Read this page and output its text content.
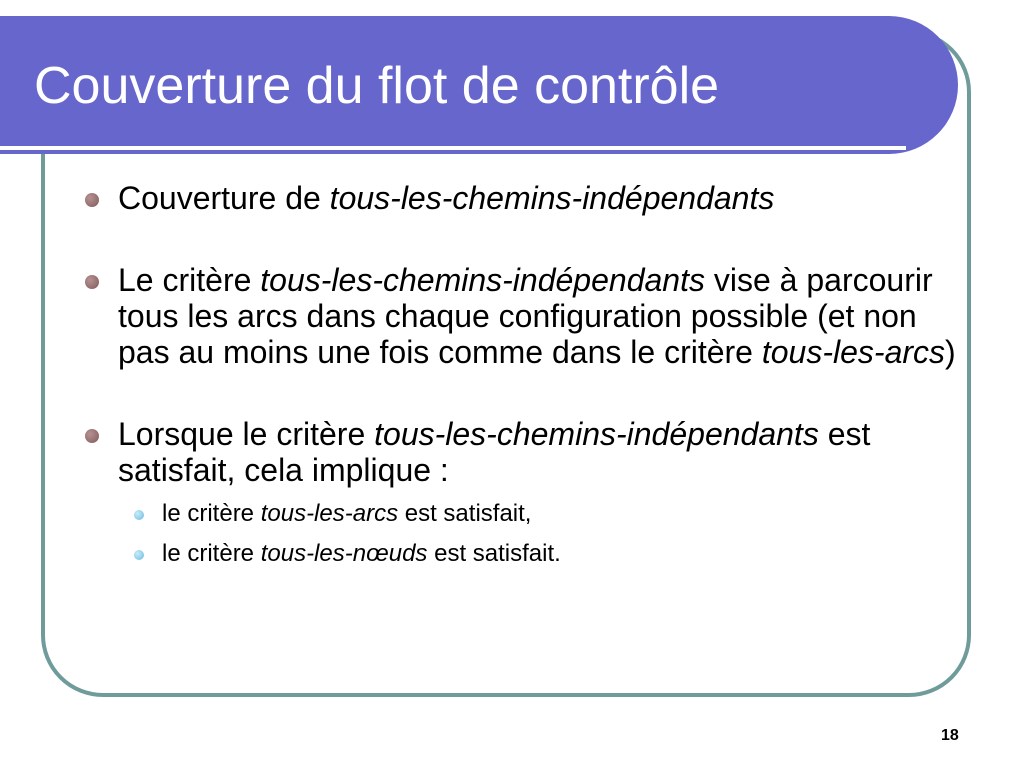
Couverture du flot de contrôle
Couverture de tous-les-chemins-indépendants
Le critère tous-les-chemins-indépendants vise à parcourir tous les arcs dans chaque configuration possible (et non pas au moins une fois comme dans le critère tous-les-arcs)
Lorsque le critère tous-les-chemins-indépendants est satisfait, cela implique :
le critère tous-les-arcs est satisfait,
le critère tous-les-nœuds est satisfait.
18
